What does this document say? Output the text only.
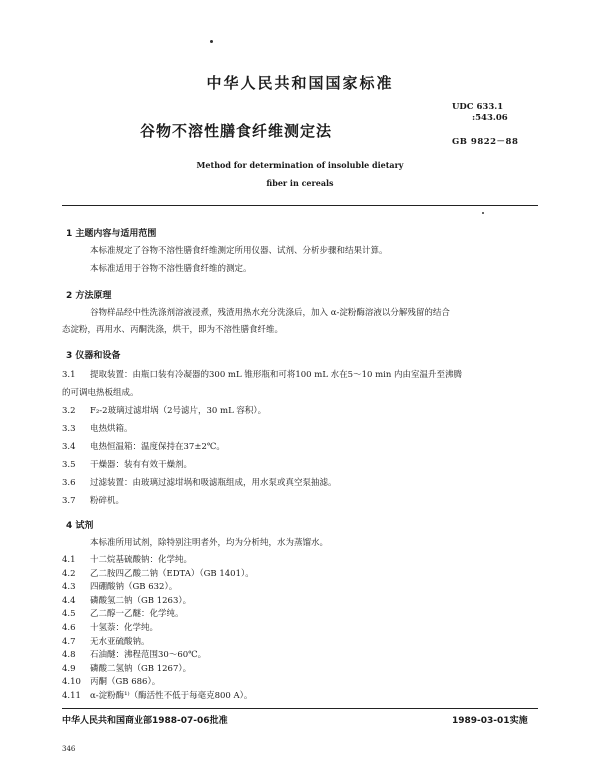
中华人民共和国国家标准
UDC 633.1
:543.06
谷物不溶性膳食纤维测定法
GB 9822－88
Method for determination of insoluble dietary
fiber in cereals
1 主题内容与适用范围
本标准规定了谷物不溶性膳食纤维测定所用仪器、试剂、分析步骤和结果计算。
本标准适用于谷物不溶性膳食纤维的测定。
2 方法原理
谷物样品经中性洗涤剂溶液浸煮，残渣用热水充分洗涤后，加入 α-淀粉酶溶液以分解残留的结合
态淀粉，再用水、丙酮洗涤，烘干，即为不溶性膳食纤维。
3 仪器和设备
3.1 提取装置：由瓶口装有冷凝器的300 mL 锥形瓶和可将100 mL 水在5～10 min 内由室温升至沸腾
的可调电热板组成。
3.2 F₂-2玻璃过滤坩埚（2号滤片，30 mL 容积）。
3.3 电热烘箱。
3.4 电热恒温箱：温度保持在37±2℃。
3.5 干燥器：装有有效干燥剂。
3.6 过滤装置：由玻璃过滤坩埚和吸滤瓶组成，用水泵或真空泵抽滤。
3.7 粉碎机。
4 试剂
本标准所用试剂，除特别注明者外，均为分析纯，水为蒸馏水。
中华人民共和国商业部1988-07-06批准	1989-03-01实施
346
4.1 十二烷基硫酸钠：化学纯。
4.2 乙二胺四乙酸二钠（EDTA）（GB 1401）。
4.3 四硼酸钠（GB 632）。
4.4 磷酸氢二钠（GB 1263）。
4.5 乙二醇一乙醚：化学纯。
4.6 十氢萘：化学纯。
4.7 无水亚硫酸钠。
4.8 石油醚：沸程范围30～60℃。
4.9 磷酸二氢钠（GB 1267）。
4.10 丙酮（GB 686）。
4.11 α-淀粉酶¹⁾（酶活性不低于每毫克800 A）。
